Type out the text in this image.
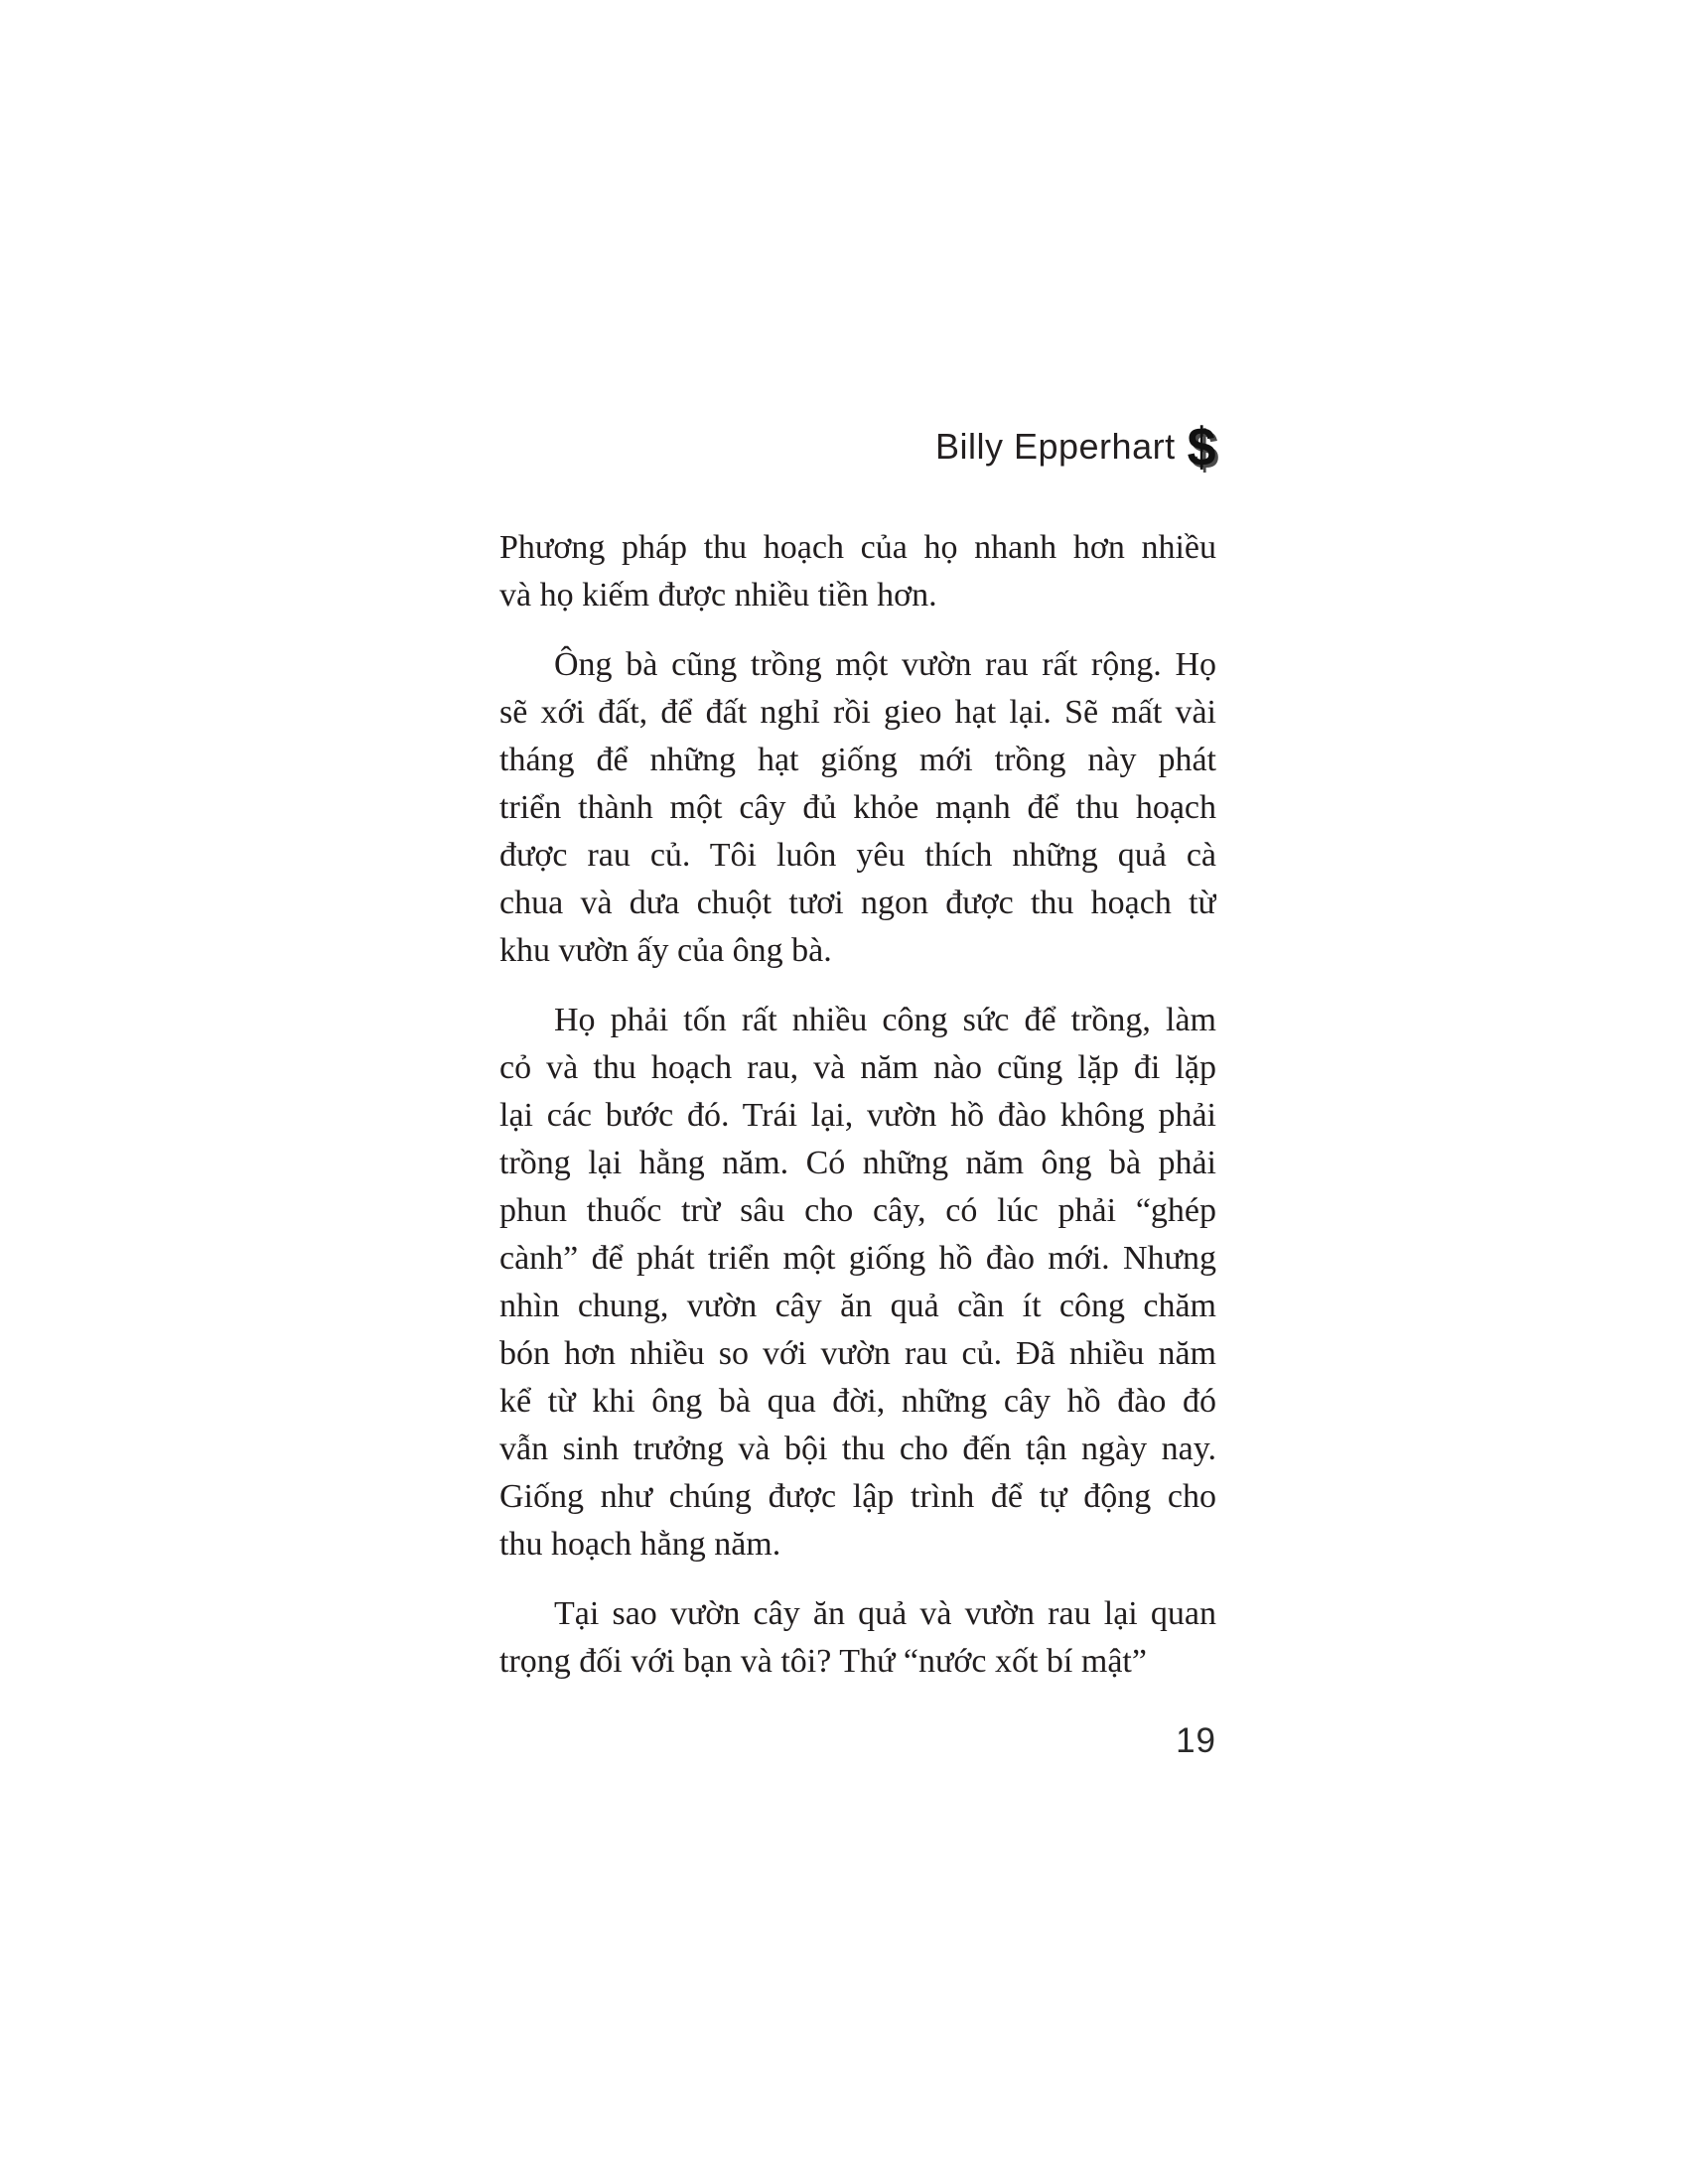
Billy Epperhart $
Phương pháp thu hoạch của họ nhanh hơn nhiều
và họ kiếm được nhiều tiền hơn.
Ông bà cũng trồng một vườn rau rất rộng. Họ
sẽ xới đất, để đất nghỉ rồi gieo hạt lại. Sẽ mất vài
tháng để những hạt giống mới trồng này phát
triển thành một cây đủ khỏe mạnh để thu hoạch
được rau củ. Tôi luôn yêu thích những quả cà
chua và dưa chuột tươi ngon được thu hoạch từ
khu vườn ấy của ông bà.
Họ phải tốn rất nhiều công sức để trồng, làm
cỏ và thu hoạch rau, và năm nào cũng lặp đi lặp
lại các bước đó. Trái lại, vườn hồ đào không phải
trồng lại hằng năm. Có những năm ông bà phải
phun thuốc trừ sâu cho cây, có lúc phải “ghép
cành” để phát triển một giống hồ đào mới. Nhưng
nhìn chung, vườn cây ăn quả cần ít công chăm
bón hơn nhiều so với vườn rau củ. Đã nhiều năm
kể từ khi ông bà qua đời, những cây hồ đào đó
vẫn sinh trưởng và bội thu cho đến tận ngày nay.
Giống như chúng được lập trình để tự động cho
thu hoạch hằng năm.
Tại sao vườn cây ăn quả và vườn rau lại quan
trọng đối với bạn và tôi? Thứ “nước xốt bí mật”
19
